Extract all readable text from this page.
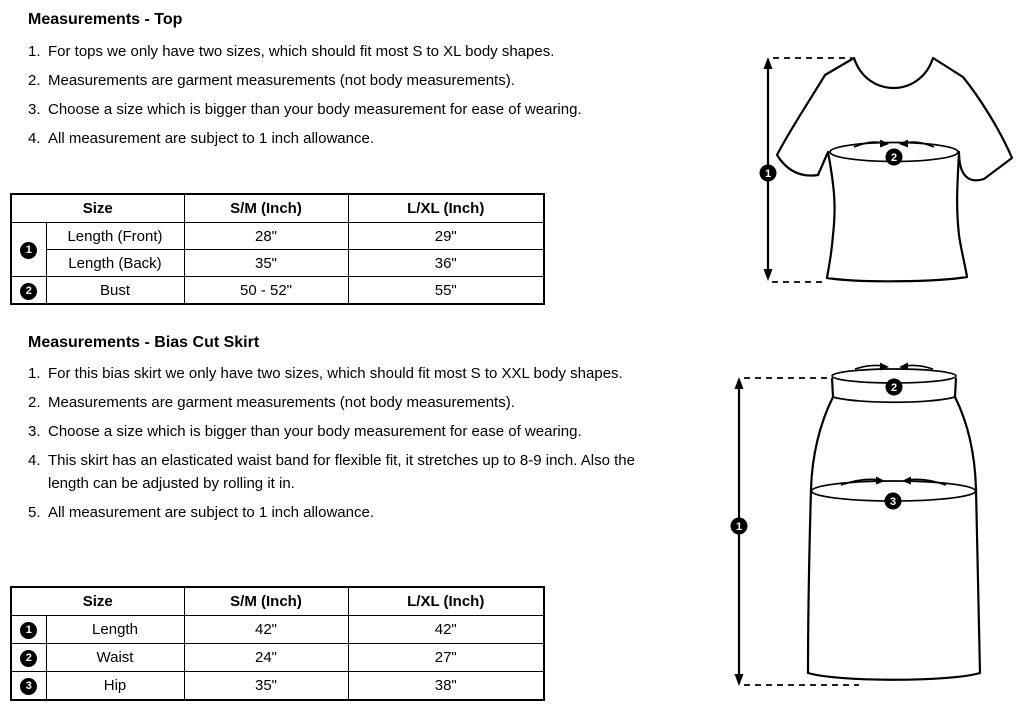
Measurements - Top
For tops we only have two sizes, which should fit most S to XL body shapes.
Measurements are garment measurements (not body measurements).
Choose a size which is bigger than your body measurement for ease of wearing.
All measurement are subject to 1 inch allowance.
Size		S/M (Inch)	L/XL (Inch)
1	Length (Front)	28"	29"
	Length (Back)	35"	36"
2	Bust	50 - 52"	55"
1
2
Measurements - Bias Cut Skirt
For this bias skirt we only have two sizes, which should fit most S to XXL body shapes.
Measurements are garment measurements (not body measurements).
Choose a size which is bigger than your body measurement for ease of wearing.
This skirt has an elasticated waist band for flexible fit, it stretches up to 8-9 inch. Also the length can be adjusted by rolling it in.
All measurement are subject to 1 inch allowance.
Size		S/M (Inch)	L/XL (Inch)
1	Length	42"	42"
2	Waist	24"	27"
3	Hip	35"	38"
1
2
3
